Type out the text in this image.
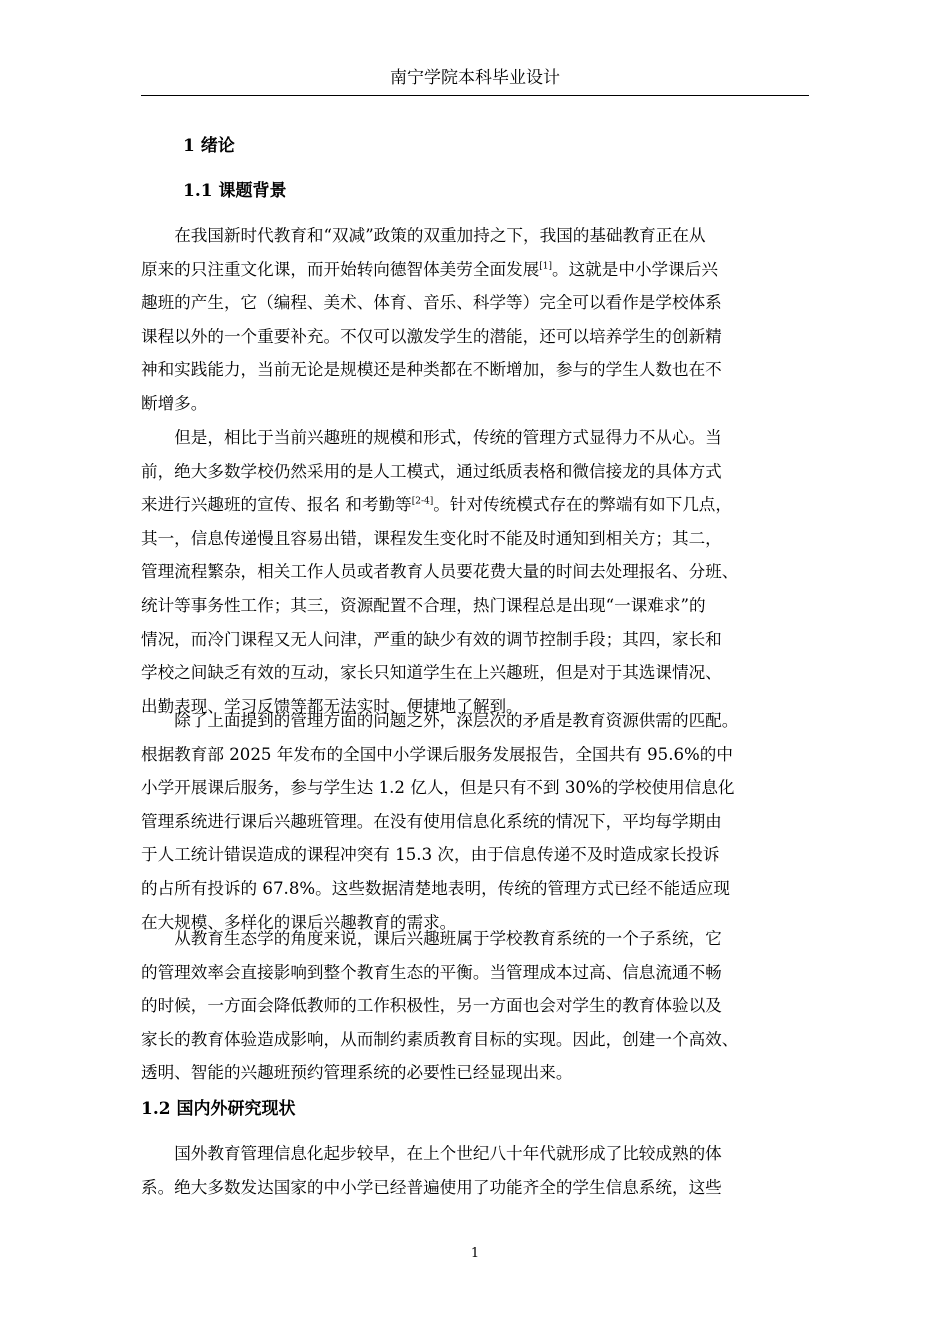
南宁学院本科毕业设计
1 绪论
1.1 课题背景
在我国新时代教育和“双减”政策的双重加持之下，我国的基础教育正在从
原来的只注重文化课，而开始转向德智体美劳全面发展[1]。这就是中小学课后兴
趣班的产生，它（编程、美术、体育、音乐、科学等）完全可以看作是学校体系
课程以外的一个重要补充。不仅可以激发学生的潜能，还可以培养学生的创新精
神和实践能力，当前无论是规模还是种类都在不断增加，参与的学生人数也在不
断增多。
但是，相比于当前兴趣班的规模和形式，传统的管理方式显得力不从心。当
前，绝大多数学校仍然采用的是人工模式，通过纸质表格和微信接龙的具体方式
来进行兴趣班的宣传、报名 和考勤等[2-4]。针对传统模式存在的弊端有如下几点，
其一，信息传递慢且容易出错，课程发生变化时不能及时通知到相关方；其二，
管理流程繁杂，相关工作人员或者教育人员要花费大量的时间去处理报名、分班、
统计等事务性工作；其三，资源配置不合理，热门课程总是出现“一课难求”的
情况，而冷门课程又无人问津，严重的缺少有效的调节控制手段；其四，家长和
学校之间缺乏有效的互动，家长只知道学生在上兴趣班，但是对于其选课情况、
出勤表现、学习反馈等都无法实时、便捷地了解到。
除了上面提到的管理方面的问题之外，深层次的矛盾是教育资源供需的匹配。
根据教育部 2025 年发布的全国中小学课后服务发展报告，全国共有 95.6%的中
小学开展课后服务，参与学生达 1.2 亿人，但是只有不到 30%的学校使用信息化
管理系统进行课后兴趣班管理。在没有使用信息化系统的情况下，平均每学期由
于人工统计错误造成的课程冲突有 15.3 次，由于信息传递不及时造成家长投诉
的占所有投诉的 67.8%。这些数据清楚地表明，传统的管理方式已经不能适应现
在大规模、多样化的课后兴趣教育的需求。
从教育生态学的角度来说，课后兴趣班属于学校教育系统的一个子系统，它
的管理效率会直接影响到整个教育生态的平衡。当管理成本过高、信息流通不畅
的时候，一方面会降低教师的工作积极性，另一方面也会对学生的教育体验以及
家长的教育体验造成影响，从而制约素质教育目标的实现。因此，创建一个高效、
透明、智能的兴趣班预约管理系统的必要性已经显现出来。
1.2 国内外研究现状
国外教育管理信息化起步较早，在上个世纪八十年代就形成了比较成熟的体
系。绝大多数发达国家的中小学已经普遍使用了功能齐全的学生信息系统，这些
1
